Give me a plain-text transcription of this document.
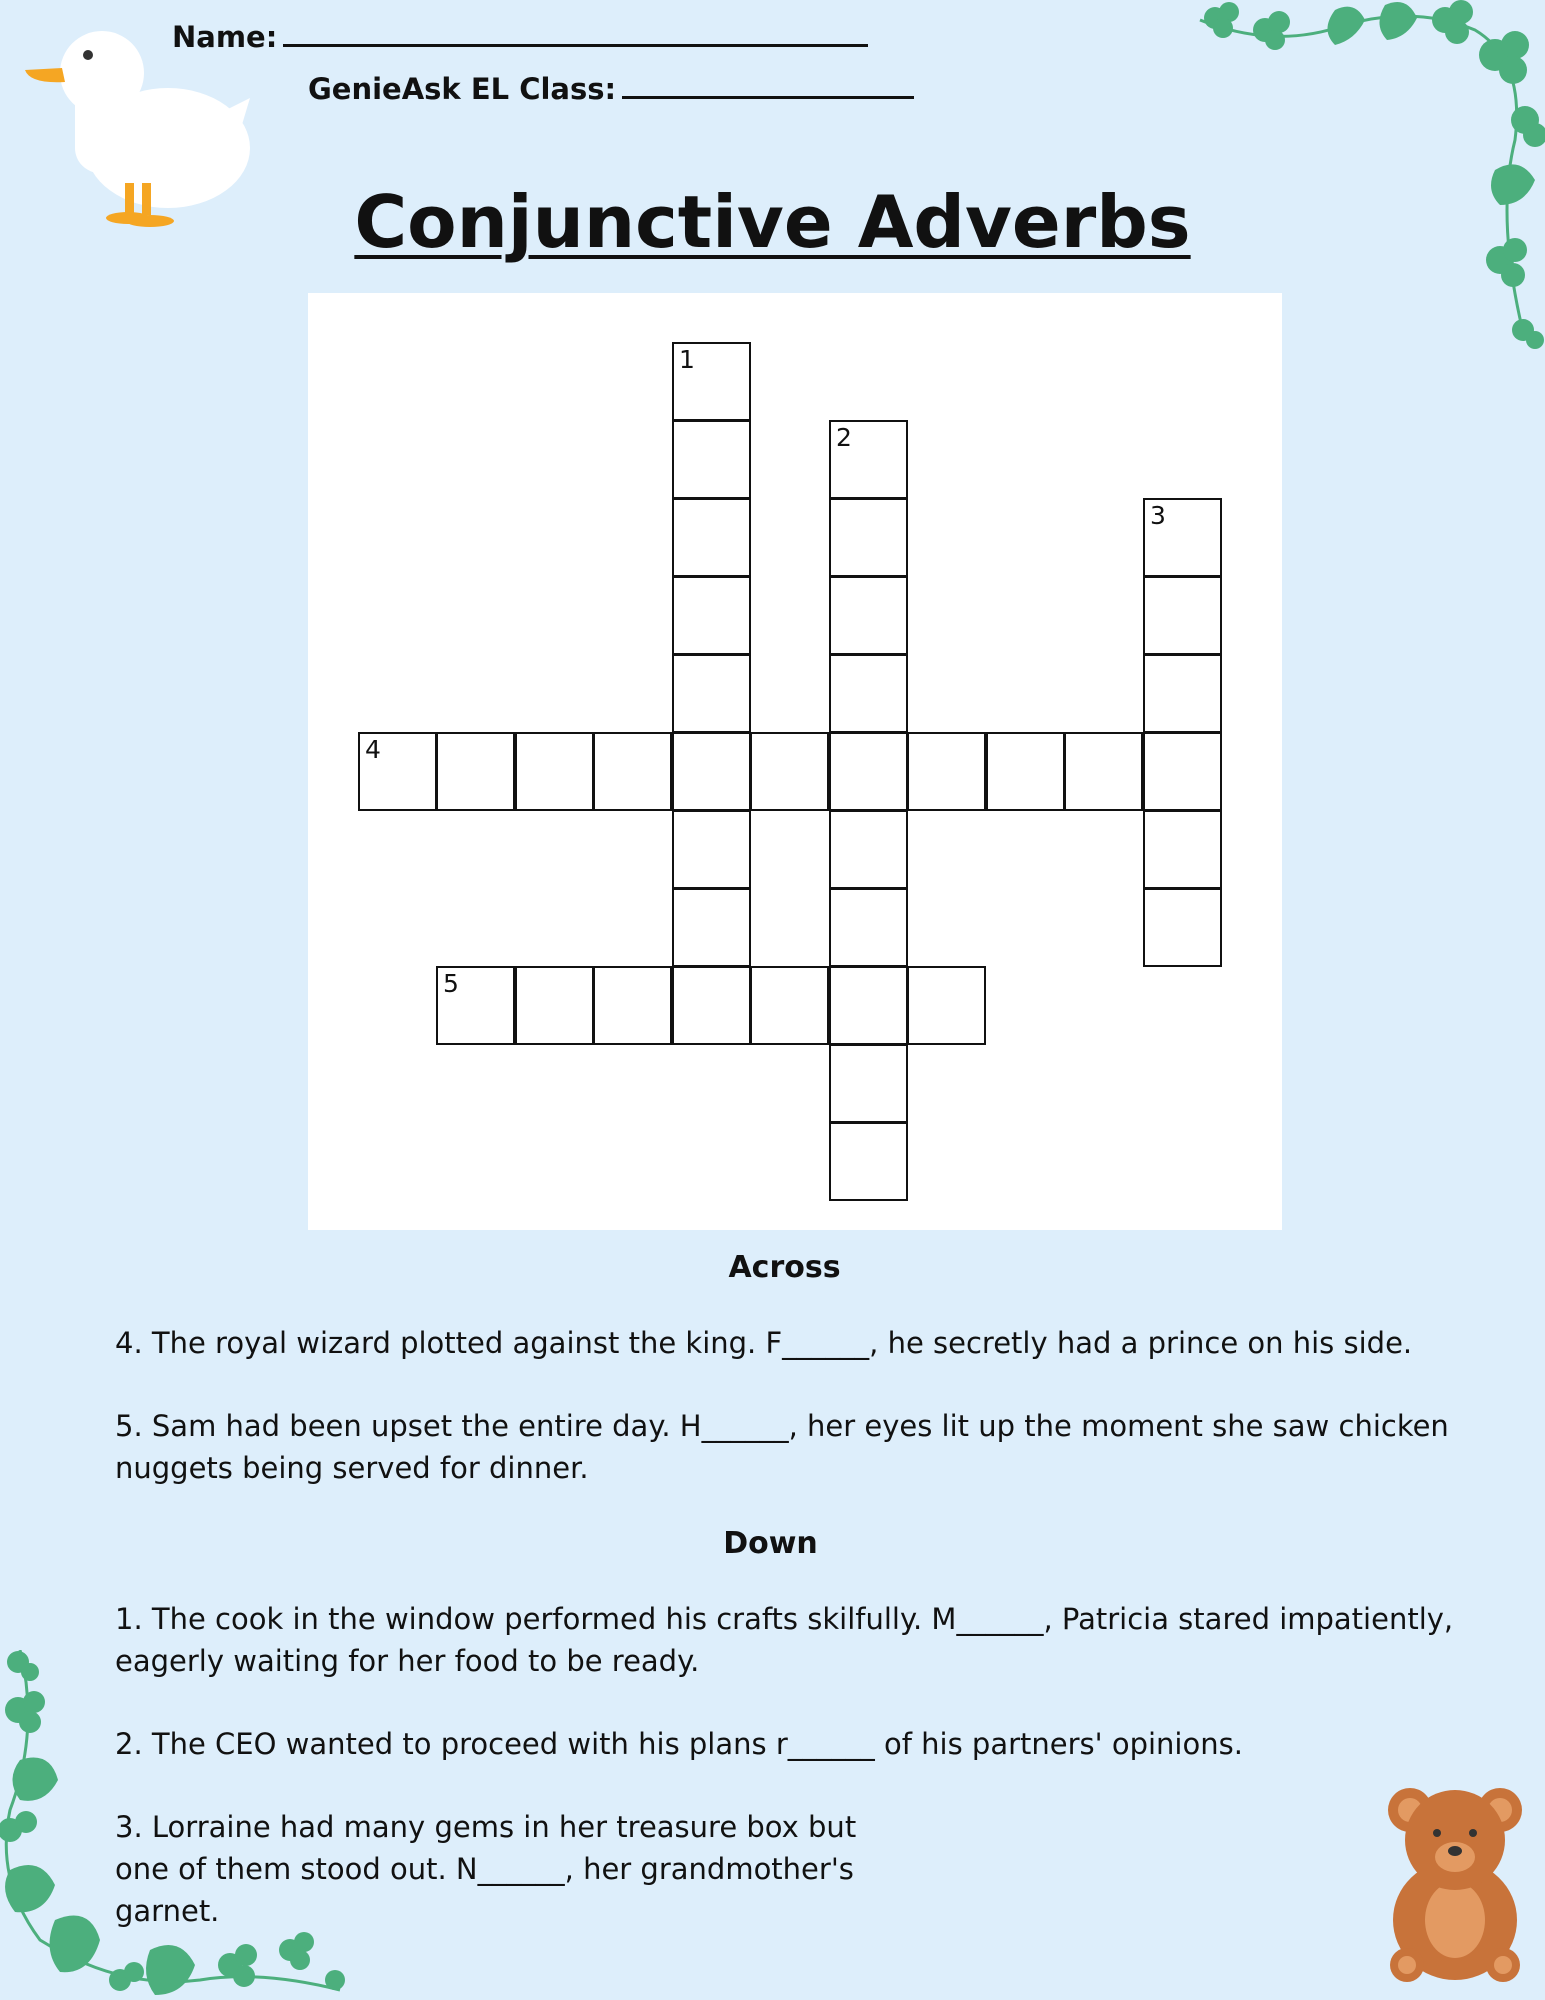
Name:
GenieAsk EL Class:
Conjunctive Adverbs
1
2
3
4
5
Across
4. The royal wizard plotted against the king. F______, he secretly had a prince on his side.
5. Sam had been upset the entire day. H______, her eyes lit up the moment she saw chicken nuggets being served for dinner.
Down
1. The cook in the window performed his crafts skilfully. M______, Patricia stared impatiently, eagerly waiting for her food to be ready.
2. The CEO wanted to proceed with his plans r______ of his partners' opinions.
3. Lorraine had many gems in her treasure box but one of them stood out. N______, her grandmother's garnet.
